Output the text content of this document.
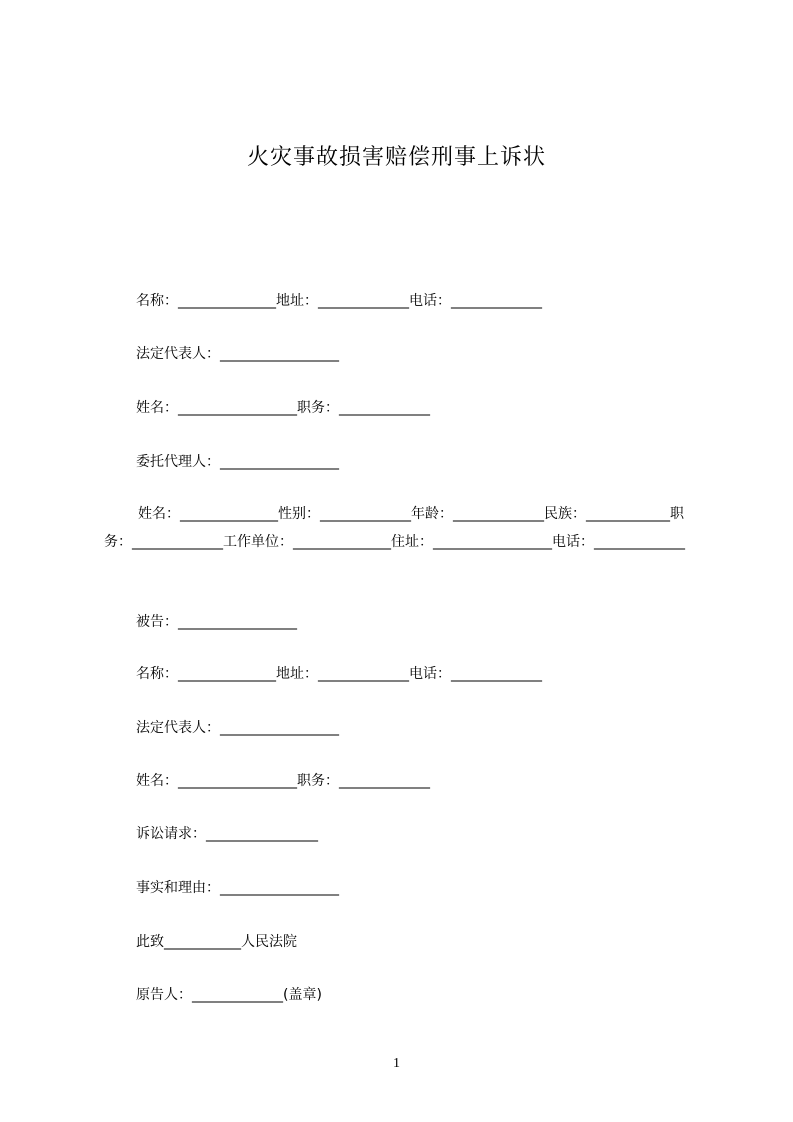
火灾事故损害赔偿刑事上诉状
名称：______________地址：_____________电话：_____________
法定代表人：_________________
姓名：_________________职务：_____________
委托代理人：_________________
姓名：______________性别：_____________年龄：_____________民族：____________职务：_____________工作单位：______________住址：_________________电话：_____________
被告：_________________
名称：______________地址：_____________电话：_____________
法定代表人：_________________
姓名：_________________职务：_____________
诉讼请求：________________
事实和理由：_________________
此致___________人民法院
原告人：_____________(盖章)
1
